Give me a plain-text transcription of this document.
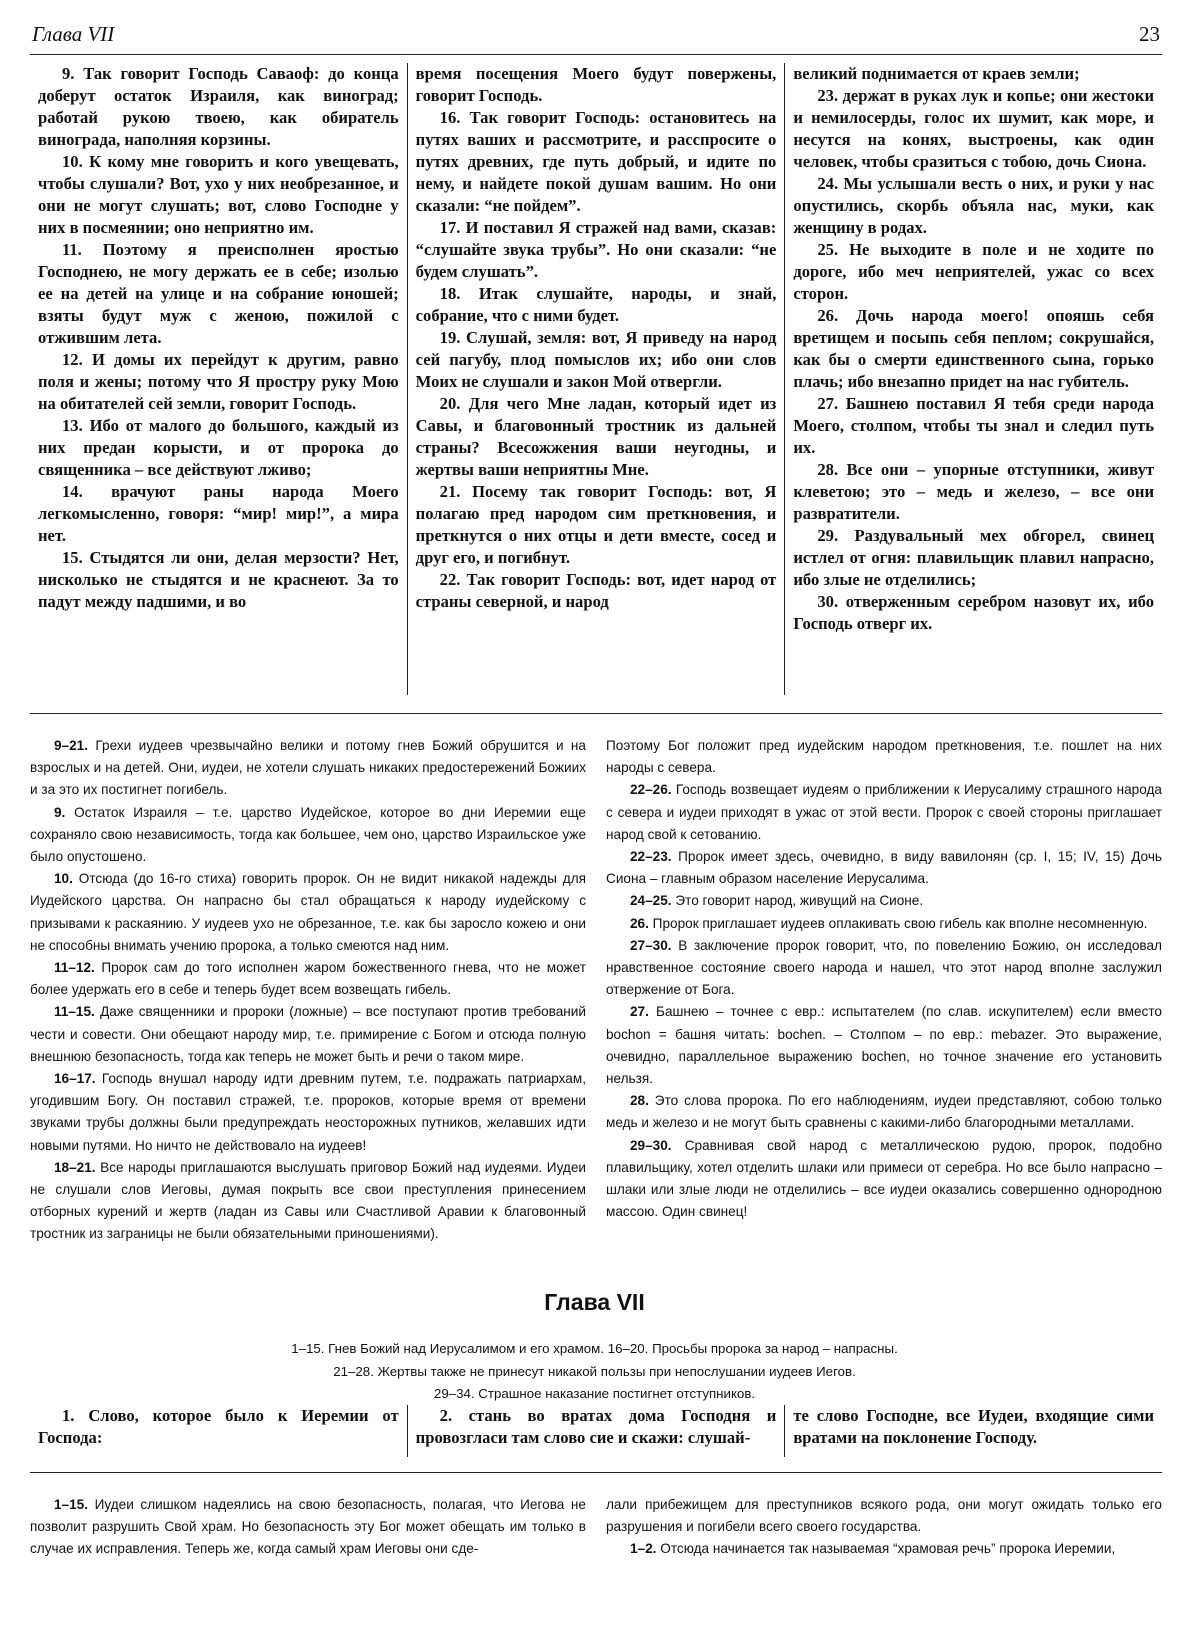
Глава VII	23

9. Так говорит Господь Саваоф: до конца доберут остаток Израиля, как виноград; работай рукою твоею, как обиратель винограда, наполняя корзины.

10. К кому мне говорить и кого увещевать, чтобы слушали? Вот, ухо у них необрезанное, и они не могут слушать; вот, слово Господне у них в посмеянии; оно неприятно им.

11. Поэтому я преисполнен яростью Господнею, не могу держать ее в себе; изолью ее на детей на улице и на собрание юношей; взяты будут муж с женою, пожилой с отжившим лета.

12. И домы их перейдут к другим, равно поля и жены; потому что Я простру руку Мою на обитателей сей земли, говорит Господь.

13. Ибо от малого до большого, каждый из них предан корысти, и от пророка до священника – все действуют лживо;

14. врачуют раны народа Моего легкомысленно, говоря: “мир! мир!”, а мира нет.

15. Стыдятся ли они, делая мерзости? Нет, нисколько не стыдятся и не краснеют. За то падут между падшими, и во

время посещения Моего будут повержены, говорит Господь.

16. Так говорит Господь: остановитесь на путях ваших и рассмотрите, и расспросите о путях древних, где путь добрый, и идите по нему, и найдете покой душам вашим. Но они сказали: “не пойдем”.

17. И поставил Я стражей над вами, сказав: “слушайте звука трубы”. Но они сказали: “не будем слушать”.

18. Итак слушайте, народы, и знай, собрание, что с ними будет.

19. Слушай, земля: вот, Я приведу на народ сей пагубу, плод помыслов их; ибо они слов Моих не слушали и закон Мой отвергли.

20. Для чего Мне ладан, который идет из Савы, и благовонный тростник из дальней страны? Всесожжения ваши неугодны, и жертвы ваши неприятны Мне.

21. Посему так говорит Господь: вот, Я полагаю пред народом сим преткновения, и преткнутся о них отцы и дети вместе, сосед и друг его, и погибнут.

22. Так говорит Господь: вот, идет народ от страны северной, и народ

великий поднимается от краев земли;

23. держат в руках лук и копье; они жестоки и немилосерды, голос их шумит, как море, и несутся на конях, выстроены, как один человек, чтобы сразиться с тобою, дочь Сиона.

24. Мы услышали весть о них, и руки у нас опустились, скорбь объяла нас, муки, как женщину в родах.

25. Не выходите в поле и не ходите по дороге, ибо меч неприятелей, ужас со всех сторон.

26. Дочь народа моего! опояшь себя вретищем и посыпь себя пеплом; сокрушайся, как бы о смерти единственного сына, горько плачь; ибо внезапно придет на нас губитель.

27. Башнею поставил Я тебя среди народа Моего, столпом, чтобы ты знал и следил путь их.

28. Все они – упорные отступники, живут клеветою; это – медь и железо, – все они развратители.

29. Раздувальный мех обгорел, свинец истлел от огня: плавильщик плавил напрасно, ибо злые не отделились;

30. отверженным серебром назовут их, ибо Господь отверг их.

9–21. Грехи иудеев чрезвычайно велики и потому гнев Божий обрушится и на взрослых и на детей. Они, иудеи, не хотели слушать никаких предостережений Божиих и за это их постигнет погибель.

9. Остаток Израиля – т.е. царство Иудейское, которое во дни Иеремии еще сохраняло свою независимость, тогда как большее, чем оно, царство Израильское уже было опустошено.

10. Отсюда (до 16-го стиха) говорить пророк. Он не видит никакой надежды для Иудейского царства. Он напрасно бы стал обращаться к народу иудейскому с призывами к раскаянию. У иудеев ухо не обрезанное, т.е. как бы заросло кожею и они не способны внимать учению пророка, а только смеются над ним.

11–12. Пророк сам до того исполнен жаром божественного гнева, что не может более удержать его в себе и теперь будет всем возвещать гибель.

11–15. Даже священники и пророки (ложные) – все поступают против требований чести и совести. Они обещают народу мир, т.е. примирение с Богом и отсюда полную внешнюю безопасность, тогда как теперь не может быть и речи о таком мире.

16–17. Господь внушал народу идти древним путем, т.е. подражать патриархам, угодившим Богу. Он поставил стражей, т.е. пророков, которые время от времени звуками трубы должны были предупреждать неосторожных путников, желавших идти новыми путями. Но ничто не действовало на иудеев!

18–21. Все народы приглашаются выслушать приговор Божий над иудеями. Иудеи не слушали слов Иеговы, думая покрыть все свои преступления принесением отборных курений и жертв (ладан из Савы или Счастливой Аравии к благовонный тростник из заграницы не были обязательными приношениями).

Поэтому Бог положит пред иудейским народом преткновения, т.е. пошлет на них народы с севера.

22–26. Господь возвещает иудеям о приближении к Иерусалиму страшного народа с севера и иудеи приходят в ужас от этой вести. Пророк с своей стороны приглашает народ свой к сетованию.

22–23. Пророк имеет здесь, очевидно, в виду вавилонян (ср. I, 15; IV, 15) Дочь Сиона – главным образом население Иерусалима.

24–25. Это говорит народ, живущий на Сионе.

26. Пророк приглашает иудеев оплакивать свою гибель как вполне несомненную.

27–30. В заключение пророк говорит, что, по повелению Божию, он исследовал нравственное состояние своего народа и нашел, что этот народ вполне заслужил отвержение от Бога.

27. Башнею – точнее с евр.: испытателем (по слав. искупителем) если вместо bochon = башня читать: bochen. – Столпом – по евр.: mebazer. Это выражение, очевидно, параллельное выражению bochen, но точное значение его установить нельзя.

28. Это слова пророка. По его наблюдениям, иудеи представляют, собою только медь и железо и не могут быть сравнены с какими-либо благородными металлами.

29–30. Сравнивая свой народ с металлическою рудою, пророк, подобно плавильщику, хотел отделить шлаки или примеси от серебра. Но все было напрасно – шлаки или злые люди не отделились – все иудеи оказались совершенно однородною массою. Один свинец!

Глава VII
1–15. Гнев Божий над Иерусалимом и его храмом. 16–20. Просьбы пророка за народ – напрасны.
21–28. Жертвы также не принесут никакой пользы при непослушании иудеев Иегов.
29–34. Страшное наказание постигнет отступников.

1. Слово, которое было к Иеремии от Господа:

2. стань во вратах дома Господня и провозгласи там слово сие и скажи: слушай-

те слово Господне, все Иудеи, входящие сими вратами на поклонение Господу.

1–15. Иудеи слишком надеялись на свою безопасность, полагая, что Иегова не позволит разрушить Свой храм. Но безопасность эту Бог может обещать им только в случае их исправления. Теперь же, когда самый храм Иеговы они сде-

лали прибежищем для преступников всякого рода, они могут ожидать только его разрушения и погибели всего своего государства.

1–2. Отсюда начинается так называемая “храмовая речь” пророка Иеремии,
